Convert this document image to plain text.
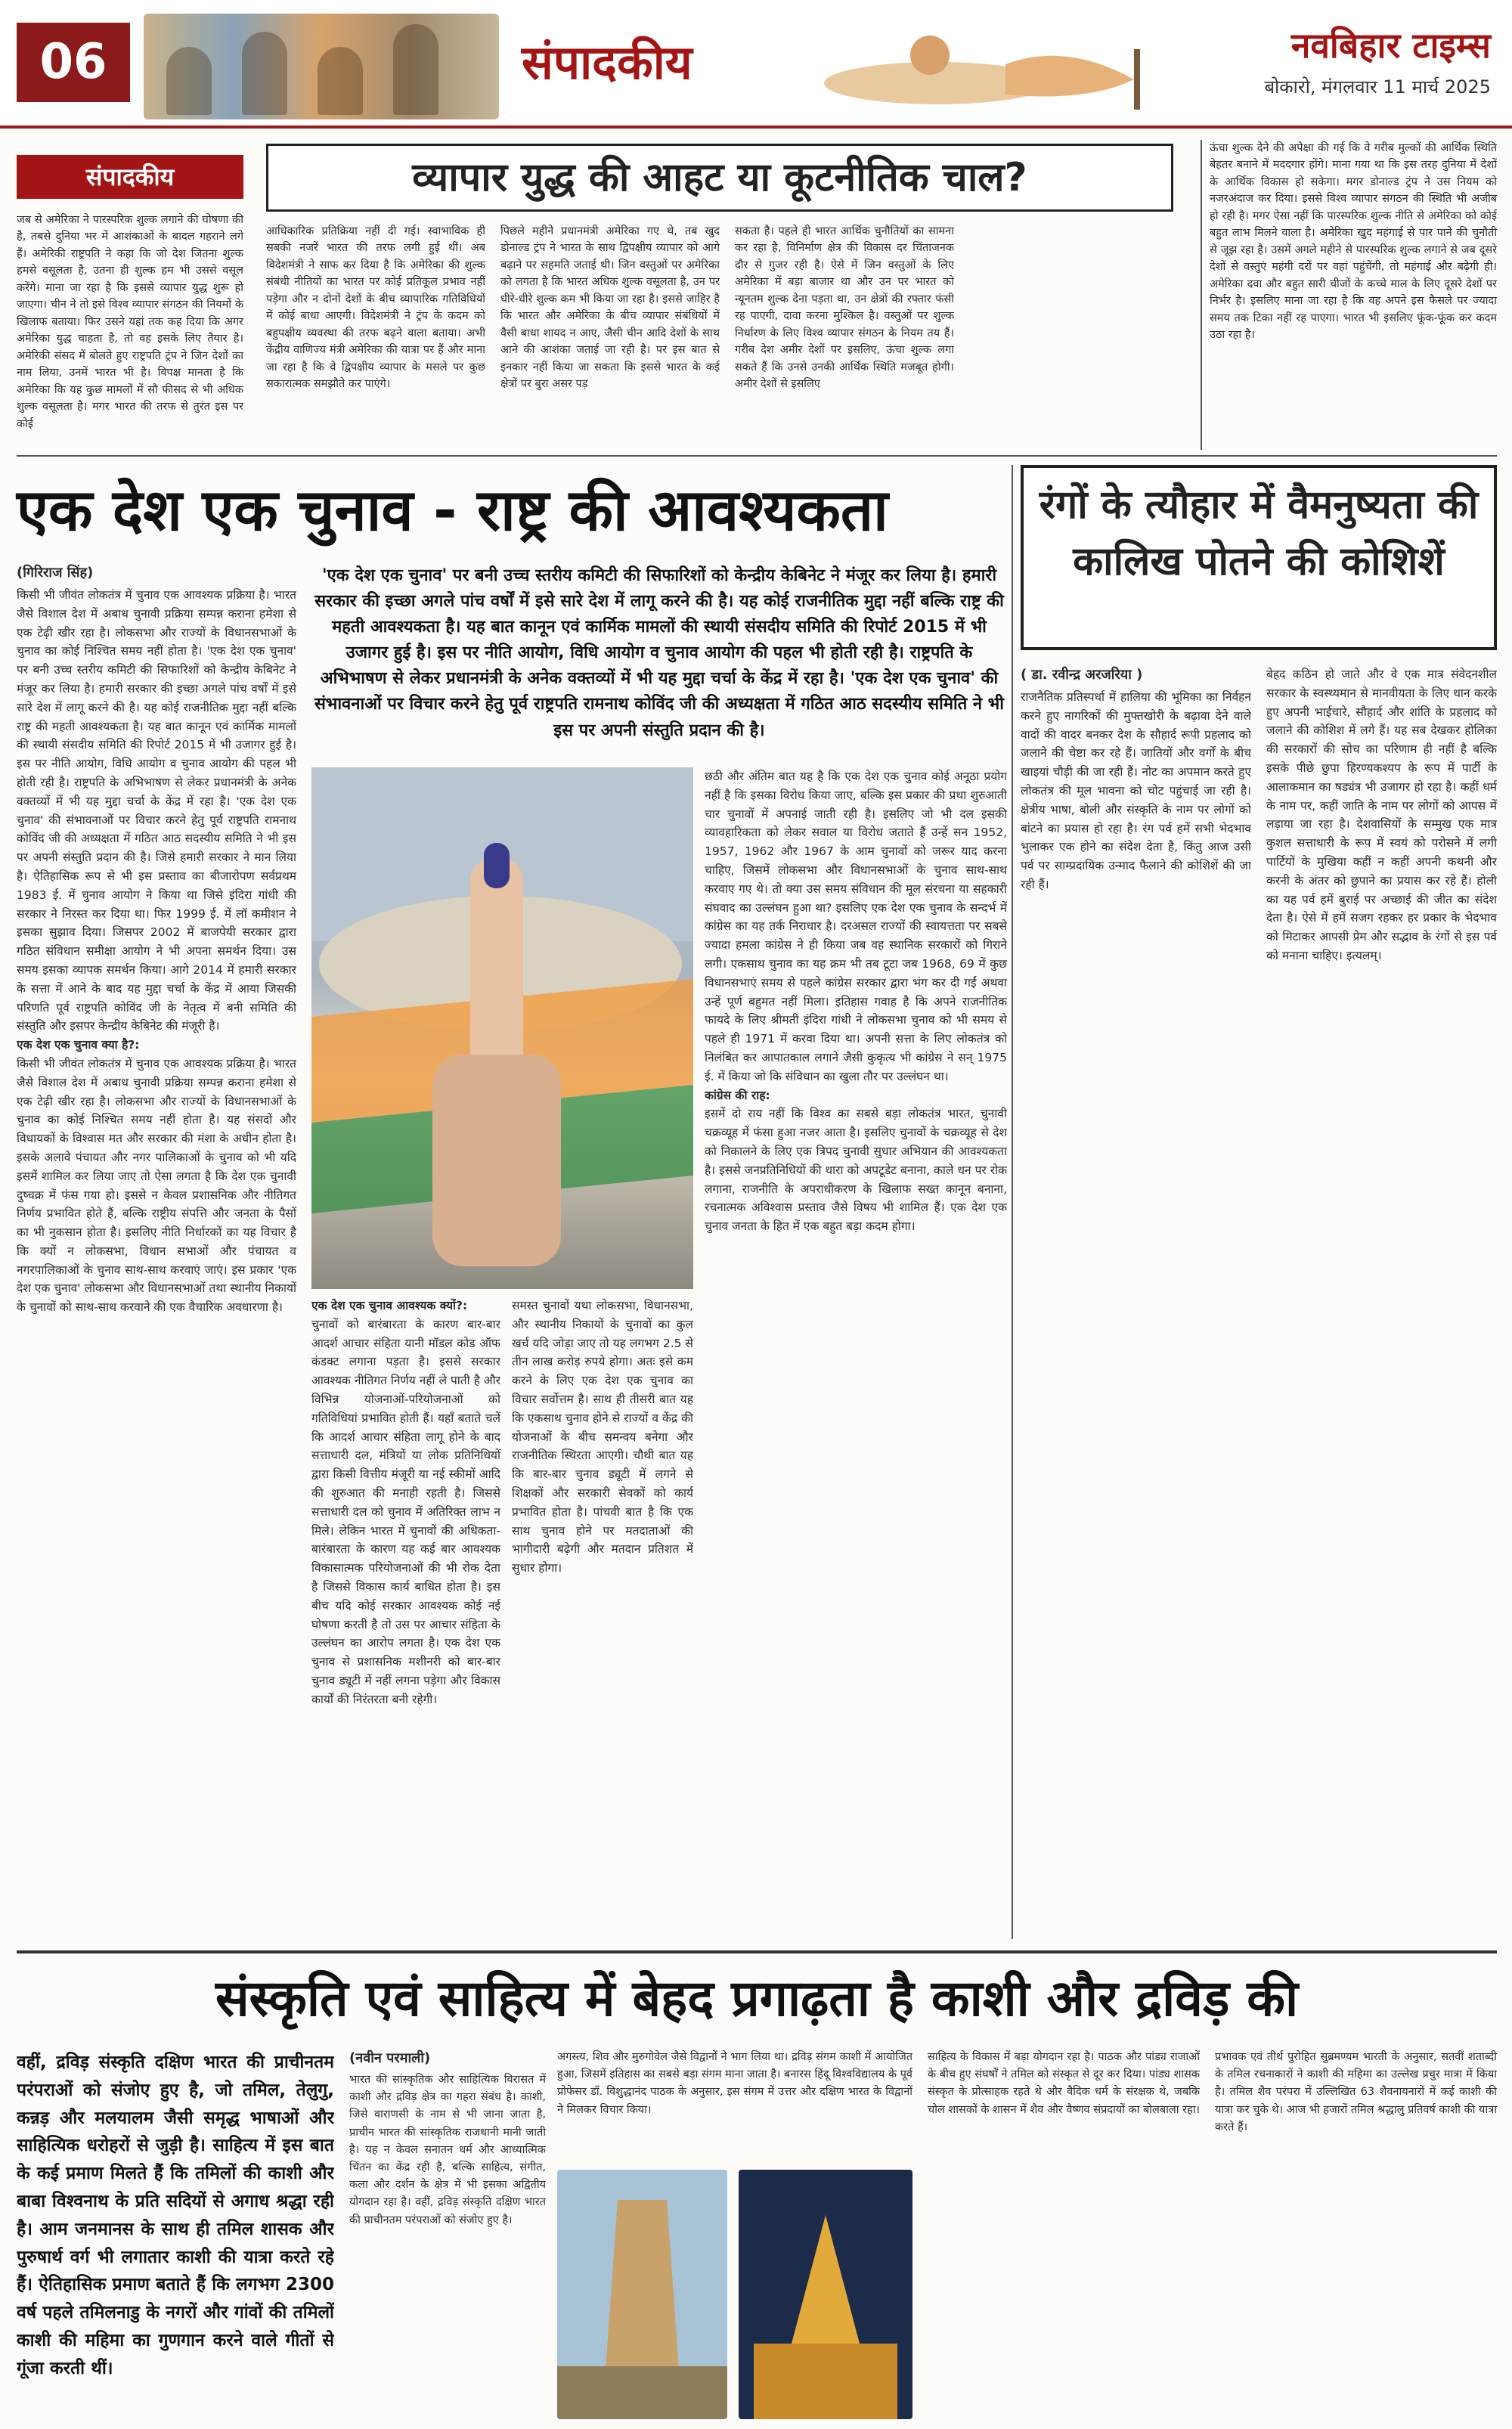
06	संपादकीय	नवबिहार टाइम्स
बोकारो, मंगलवार 11 मार्च 2025
संपादकीय	व्यापार युद्ध की आहट या कूटनीतिक चाल?
जब से अमेरिका ने पारस्परिक शुल्क लगाने की घोषणा की है, तबसे दुनिया भर में आशंकाओं के बादल गहराने लगे हैं। अमेरिकी राष्ट्रपति ने कहा कि जो देश जितना शुल्क हमसे वसूलता है, उतना ही शुल्क हम भी उससे वसूल करेंगे। माना जा रहा है कि इससे व्यापार युद्ध शुरू हो जाएगा। चीन ने तो इसे विश्व व्यापार संगठन की नियमों के खिलाफ बताया। फिर उसने यहां तक कह दिया कि अगर अमेरिका युद्ध चाहता है, तो वह इसके लिए तैयार है। अमेरिकी संसद में बोलते हुए राष्ट्रपति ट्रंप ने जिन देशों का नाम लिया, उनमें भारत भी है। विपक्ष मानता है कि अमेरिका कि यह कुछ मामलों में सौ फीसद से भी अधिक शुल्क वसूलता है। मगर भारत की तरफ से तुरंत इस पर कोई
आधिकारिक प्रतिक्रिया नहीं दी गई। स्वाभाविक ही सबकी नजरें भारत की तरफ लगी हुई थीं। अब विदेशमंत्री ने साफ कर दिया है कि अमेरिका की शुल्क संबंधी नीतियों का भारत पर कोई प्रतिकूल प्रभाव नहीं पड़ेगा और न दोनों देशों के बीच व्यापारिक गतिविधियों में कोई बाधा आएगी। विदेशमंत्री ने ट्रंप के कदम को बहुपक्षीय व्यवस्था की तरफ बढ़ने वाला बताया। अभी केंद्रीय वाणिज्य मंत्री अमेरिका की यात्रा पर हैं और माना जा रहा है कि वे द्विपक्षीय व्यापार के मसले पर कुछ सकारात्मक समझौते कर पाएंगे।
पिछले महीने प्रधानमंत्री अमेरिका गए थे, तब खुद डोनाल्ड ट्रंप ने भारत के साथ द्विपक्षीय व्यापार को आगे बढ़ाने पर सहमति जताई थी। जिन वस्तुओं पर अमेरिका को लगता है कि भारत अधिक शुल्क वसूलता है, उन पर धीरे-धीरे शुल्क कम भी किया जा रहा है। इससे जाहिर है कि भारत और अमेरिका के बीच व्यापार संबंधियों में वैसी बाधा शायद न आए, जैसी चीन आदि देशों के साथ आने की आशंका जताई जा रही है। पर इस बात से इनकार नहीं किया जा सकता कि इससे भारत के कई क्षेत्रों पर बुरा असर पड़
सकता है। पहले ही भारत आर्थिक चुनौतियों का सामना कर रहा है, विनिर्माण क्षेत्र की विकास दर चिंताजनक दौर से गुजर रही है। ऐसे में जिन वस्तुओं के लिए अमेरिका में बड़ा बाजार था और उन पर भारत को न्यूनतम शुल्क देना पड़ता था, उन क्षेत्रों की रफ्तार फंसी रह पाएगी, दावा करना मुश्किल है। वस्तुओं पर शुल्क निर्धारण के लिए विश्व व्यापार संगठन के नियम तय हैं। गरीब देश अमीर देशों पर इसलिए, ऊंचा शुल्क लगा सकते हैं कि उनसे उनकी आर्थिक स्थिति मजबूत होगी। अमीर देशों से इसलिए
ऊंचा शुल्क देने की अपेक्षा की गई कि वे गरीब मुल्कों की आर्थिक स्थिति बेहतर बनाने में मददगार होंगे। माना गया था कि इस तरह दुनिया में देशों के आर्थिक विकास हो सकेगा। मगर डोनाल्ड ट्रंप ने उस नियम को नजरअंदाज कर दिया। इससे विश्व व्यापार संगठन की स्थिति भी अजीब हो रही है। मगर ऐसा नहीं कि पारस्परिक शुल्क नीति से अमेरिका को कोई बहुत लाभ मिलने वाला है। अमेरिका खुद महंगाई से पार पाने की चुनौती से जूझ रहा है। उसमें अगले महीने से पारस्परिक शुल्क लगाने से जब दूसरे देशों से वस्तुएं महंगी दरों पर वहां पहुंचेंगी, तो महंगाई और बढ़ेगी ही। अमेरिका दवा और बहुत सारी चीजों के कच्चे माल के लिए दूसरे देशों पर निर्भर है। इसलिए माना जा रहा है कि वह अपने इस फैसले पर ज्यादा समय तक टिका नहीं रह पाएगा। भारत भी इसलिए फूंक-फूंक कर कदम उठा रहा है।
एक देश एक चुनाव - राष्ट्र की आवश्यकता
(गिरिराज सिंह)
किसी भी जीवंत लोकतंत्र में चुनाव एक आवश्यक प्रक्रिया है। भारत जैसे विशाल देश में अबाध चुनावी प्रक्रिया सम्पन्न कराना हमेशा से एक टेढ़ी खीर रहा है। लोकसभा और राज्यों के विधानसभाओं के चुनाव का कोई निश्चित समय नहीं होता है। 'एक देश एक चुनाव' पर बनी उच्च स्तरीय कमिटी की सिफारिशों को केन्द्रीय केबिनेट ने मंजूर कर लिया है। हमारी सरकार की इच्छा अगले पांच वर्षों में इसे सारे देश में लागू करने की है। यह कोई राजनीतिक मुद्दा नहीं बल्कि राष्ट्र की महती आवश्यकता है। यह बात कानून एवं कार्मिक मामलों की स्थायी संसदीय समिति की रिपोर्ट 2015 में भी उजागर हुई है। इस पर नीति आयोग, विधि आयोग व चुनाव आयोग की पहल भी होती रही है। राष्ट्रपति के अभिभाषण से लेकर प्रधानमंत्री के अनेक वक्तव्यों में भी यह मुद्दा चर्चा के केंद्र में रहा है। 'एक देश एक चुनाव' की संभावनाओं पर विचार करने हेतु पूर्व राष्ट्रपति रामनाथ कोविंद जी की अध्यक्षता में गठित आठ सदस्यीय समिति ने भी इस पर अपनी संस्तुति प्रदान की है। जिसे हमारी सरकार ने मान लिया है। ऐतिहासिक रूप से भी इस प्रस्ताव का बीजारोपण सर्वप्रथम 1983 ई. में चुनाव आयोग ने किया था जिसे इंदिरा गांधी की सरकार ने निरस्त कर दिया था। फिर 1999 ई. में लॉ कमीशन ने इसका सुझाव दिया। जिसपर 2002 में बाजपेयी सरकार द्वारा गठित संविधान समीक्षा आयोग ने भी अपना समर्थन दिया। उस समय इसका व्यापक समर्थन किया। आगे 2014 में हमारी सरकार के सत्ता में आने के बाद यह मुद्दा चर्चा के केंद्र में आया जिसकी परिणति पूर्व राष्ट्रपति कोविंद जी के नेतृत्व में बनी समिति की संस्तुति और इसपर केन्द्रीय केबिनेट की मंजूरी है।
एक देश एक चुनाव क्या है?:
किसी भी जीवंत लोकतंत्र में चुनाव एक आवश्यक प्रक्रिया है। भारत जैसे विशाल देश में अबाध चुनावी प्रक्रिया सम्पन्न कराना हमेशा से एक टेढ़ी खीर रहा है। लोकसभा और राज्यों के विधानसभाओं के चुनाव का कोई निश्चित समय नहीं होता है। यह संसदों और विधायकों के विश्वास मत और सरकार की मंशा के अधीन होता है। इसके अलावे पंचायत और नगर पालिकाओं के चुनाव को भी यदि इसमें शामिल कर लिया जाए तो ऐसा लगता है कि देश एक चुनावी दुष्चक्र में फंस गया हो। इससे न केवल प्रशासनिक और नीतिगत निर्णय प्रभावित होते हैं, बल्कि राष्ट्रीय संपत्ति और जनता के पैसों का भी नुकसान होता है। इसलिए नीति निर्धारकों का यह विचार है कि क्यों न लोकसभा, विधान सभाओं और पंचायत व नगरपालिकाओं के चुनाव साथ-साथ करवाएं जाएं। इस प्रकार 'एक देश एक चुनाव' लोकसभा और विधानसभाओं तथा स्थानीय निकायों के चुनावों को साथ-साथ करवाने की एक वैचारिक अवधारणा है।
'एक देश एक चुनाव' पर बनी उच्च स्तरीय कमिटी की सिफारिशों को केन्द्रीय केबिनेट ने मंजूर कर लिया है। हमारी सरकार की इच्छा अगले पांच वर्षों में इसे सारे देश में लागू करने की है। यह कोई राजनीतिक मुद्दा नहीं बल्कि राष्ट्र की महती आवश्यकता है। यह बात कानून एवं कार्मिक मामलों की स्थायी संसदीय समिति की रिपोर्ट 2015 में भी उजागर हुई है। इस पर नीति आयोग, विधि आयोग व चुनाव आयोग की पहल भी होती रही है। राष्ट्रपति के अभिभाषण से लेकर प्रधानमंत्री के अनेक वक्तव्यों में भी यह मुद्दा चर्चा के केंद्र में रहा है। 'एक देश एक चुनाव' की संभावनाओं पर विचार करने हेतु पूर्व राष्ट्रपति रामनाथ कोविंद जी की अध्यक्षता में गठित आठ सदस्यीय समिति ने भी इस पर अपनी संस्तुति प्रदान की है।
एक देश एक चुनाव आवश्यक क्यों?:
चुनावों को बारंबारता के कारण बार-बार आदर्श आचार संहिता यानी मॉडल कोड ऑफ कंडक्ट लगाना पड़ता है। इससे सरकार आवश्यक नीतिगत निर्णय नहीं ले पाती है और विभिन्न योजनाओं-परियोजनाओं को गतिविधियां प्रभावित होती हैं। यहाँ बताते चलें कि आदर्श आचार संहिता लागू होने के बाद सत्ताधारी दल, मंत्रियों या लोक प्रतिनिधियों द्वारा किसी वित्तीय मंजूरी या नई स्कीमों आदि की शुरुआत की मनाही रहती है। जिससे सत्ताधारी दल को चुनाव में अतिरिक्त लाभ न मिले। लेकिन भारत में चुनावों की अधिकता-बारंबारता के कारण यह कई बार आवश्यक विकासात्मक परियोजनाओं की भी रोक देता है जिससे विकास कार्य बाधित होता है। इस बीच यदि कोई सरकार आवश्यक कोई नई घोषणा करती है तो उस पर आचार संहिता के उल्लंघन का आरोप लगता है। एक देश एक चुनाव से प्रशासनिक मशीनरी को बार-बार चुनाव ड्यूटी में नहीं लगना पड़ेगा और विकास कार्यों की निरंतरता बनी रहेगी।
समस्त चुनावों यथा लोकसभा, विधानसभा, और स्थानीय निकायों के चुनावों का कुल खर्च यदि जोड़ा जाए तो यह लगभग 2.5 से तीन लाख करोड़ रुपये होगा। अतः इसे कम करने के लिए एक देश एक चुनाव का विचार सर्वोत्तम है। साथ ही तीसरी बात यह कि एकसाथ चुनाव होने से राज्यों व केंद्र की योजनाओं के बीच समन्वय बनेगा और राजनीतिक स्थिरता आएगी। चौथी बात यह कि बार-बार चुनाव ड्यूटी में लगने से शिक्षकों और सरकारी सेवकों को कार्य प्रभावित होता है। पांचवी बात है कि एक साथ चुनाव होने पर मतदाताओं की भागीदारी बढ़ेगी और मतदान प्रतिशत में सुधार होगा।
छठी और अंतिम बात यह है कि एक देश एक चुनाव कोई अनूठा प्रयोग नहीं है कि इसका विरोध किया जाए, बल्कि इस प्रकार की प्रथा शुरुआती चार चुनावों में अपनाई जाती रही है। इसलिए जो भी दल इसकी व्यावहारिकता को लेकर सवाल या विरोध जताते हैं उन्हें सन 1952, 1957, 1962 और 1967 के आम चुनावों को जरूर याद करना चाहिए, जिसमें लोकसभा और विधानसभाओं के चुनाव साथ-साथ करवाए गए थे। तो क्या उस समय संविधान की मूल संरचना या सहकारी संघवाद का उल्लंघन हुआ था? इसलिए एक देश एक चुनाव के सन्दर्भ में कांग्रेस का यह तर्क निराधार है। दरअसल राज्यों की स्वायत्तता पर सबसे ज्यादा हमला कांग्रेस ने ही किया जब वह स्थानिक सरकारों को गिराने लगी। एकसाथ चुनाव का यह क्रम भी तब टूटा जब 1968, 69 में कुछ विधानसभाएं समय से पहले कांग्रेस सरकार द्वारा भंग कर दी गईं अथवा उन्हें पूर्ण बहुमत नहीं मिला। इतिहास गवाह है कि अपने राजनीतिक फायदे के लिए श्रीमती इंदिरा गांधी ने लोकसभा चुनाव को भी समय से पहले ही 1971 में करवा दिया था। अपनी सत्ता के लिए लोकतंत्र को निलंबित कर आपातकाल लगाने जैसी कुकृत्य भी कांग्रेस ने सन् 1975 ई. में किया जो कि संविधान का खुला तौर पर उल्लंघन था।
कांग्रेस की राह:
इसमें दो राय नहीं कि विश्व का सबसे बड़ा लोकतंत्र भारत, चुनावी चक्रव्यूह में फंसा हुआ नजर आता है। इसलिए चुनावों के चक्रव्यूह से देश को निकालने के लिए एक त्रिपद चुनावी सुधार अभियान की आवश्यकता है। इससे जनप्रतिनिधियों की धारा को अपटूडेट बनाना, काले धन पर रोक लगाना, राजनीति के अपराधीकरण के खिलाफ सख्त कानून बनाना, रचनात्मक अविश्वास प्रस्ताव जैसे विषय भी शामिल हैं। एक देश एक चुनाव जनता के हित में एक बहुत बड़ा कदम होगा।
रंगों के त्यौहार में वैमनुष्यता की कालिख पोतने की कोशिशें
( डा. रवीन्द्र अरजरिया )
राजनैतिक प्रतिस्पर्धा में हालिया की भूमिका का निर्वहन करने हुए नागरिकों की मुफ्तखोरी के बढ़ावा देने वाले वादों की वादर बनकर देश के सौहार्द रूपी प्रहलाद को जलाने की चेष्टा कर रहे हैं। जातियों और वर्गों के बीच खाइयां चौड़ी की जा रही हैं। नोट का अपमान करते हुए लोकतंत्र की मूल भावना को चोट पहुंचाई जा रही है। क्षेत्रीय भाषा, बोली और संस्कृति के नाम पर लोगों को बांटने का प्रयास हो रहा है। रंग पर्व हमें सभी भेदभाव भुलाकर एक होने का संदेश देता है, किंतु आज उसी पर्व पर साम्प्रदायिक उन्माद फैलाने की कोशिशें की जा रही हैं।
बेहद कठिन हो जाते और वे एक मात्र संवेदनशील सरकार के स्वस्थ्यमान से मानवीयता के लिए धान करके हुए अपनी भाईचारे, सौहार्द और शांति के प्रहलाद को जलाने की कोशिश में लगे हैं। यह सब देखकर होलिका की सरकारों की सोच का परिणाम ही नहीं है बल्कि इसके पीछे छुपा हिरण्यकश्यप के रूप में पार्टी के आलाकमान का षड्यंत्र भी उजागर हो रहा है। कहीं धर्म के नाम पर, कहीं जाति के नाम पर लोगों को आपस में लड़ाया जा रहा है। देशवासियों के सम्मुख एक मात्र कुशल सत्ताधारी के रूप में स्वयं को परोसने में लगी पार्टियों के मुखिया कहीं न कहीं अपनी कथनी और करनी के अंतर को छुपाने का प्रयास कर रहे हैं। होली का यह पर्व हमें बुराई पर अच्छाई की जीत का संदेश देता है। ऐसे में हमें सजग रहकर हर प्रकार के भेदभाव को मिटाकर आपसी प्रेम और सद्भाव के रंगों से इस पर्व को मनाना चाहिए। इत्यलम्।
संस्कृति एवं साहित्य में बेहद प्रगाढ़ता है काशी और द्रविड़ की
वहीं, द्रविड़ संस्कृति दक्षिण भारत की प्राचीनतम परंपराओं को संजोए हुए है, जो तमिल, तेलुगु, कन्नड़ और मलयालम जैसी समृद्ध भाषाओं और साहित्यिक धरोहरों से जुड़ी है। साहित्य में इस बात के कई प्रमाण मिलते हैं कि तमिलों की काशी और बाबा विश्वनाथ के प्रति सदियों से अगाध श्रद्धा रही है। आम जनमानस के साथ ही तमिल शासक और पुरुषार्थ वर्ग भी लगातार काशी की यात्रा करते रहे हैं। ऐतिहासिक प्रमाण बताते हैं कि लगभग 2300 वर्ष पहले तमिलनाडु के नगरों और गांवों की तमिलों काशी की महिमा का गुणगान करने वाले गीतों से गूंजा करती थीं।
(नवीन परमाली)
भारत की सांस्कृतिक और साहित्यिक विरासत में काशी और द्रविड़ क्षेत्र का गहरा संबंध है। काशी, जिसे वाराणसी के नाम से भी जाना जाता है, प्राचीन भारत की सांस्कृतिक राजधानी मानी जाती है। यह न केवल सनातन धर्म और आध्यात्मिक चिंतन का केंद्र रही है, बल्कि साहित्य, संगीत, कला और दर्शन के क्षेत्र में भी इसका अद्वितीय योगदान रहा है। वहीं, द्रविड़ संस्कृति दक्षिण भारत की प्राचीनतम परंपराओं को संजोए हुए है।
अगस्त्य, शिव और मुरुगोवेल जैसे विद्वानों ने भाग लिया था। द्रविड़ संगम काशी में आयोजित हुआ, जिसमें इतिहास का सबसे बड़ा संगम माना जाता है। बनारस हिंदू विश्वविद्यालय के पूर्व प्रोफेसर डॉ. विशुद्धानंद पाठक के अनुसार, इस संगम में उत्तर और दक्षिण भारत के विद्वानों ने मिलकर विचार किया।
साहित्य के विकास में बड़ा योगदान रहा है। पाठक और पांड्य राजाओं के बीच हुए संघर्षों ने तमिल को संस्कृत से दूर कर दिया। पांड्य शासक संस्कृत के प्रोत्साहक रहते थे और वैदिक धर्म के संरक्षक थे, जबकि चोल शासकों के शासन में शैव और वैष्णव संप्रदायों का बोलबाला रहा।
प्रभावक एवं तीर्थ पुरोहित सुब्रमण्यम भारती के अनुसार, सतवीं शताब्दी के तमिल रचनाकारों ने काशी की महिमा का उल्लेख प्रचुर मात्रा में किया है। तमिल शैव परंपरा में उल्लिखित 63 शैवनायनारों में कई काशी की यात्रा कर चुके थे। आज भी हजारों तमिल श्रद्धालु प्रतिवर्ष काशी की यात्रा करते हैं।
